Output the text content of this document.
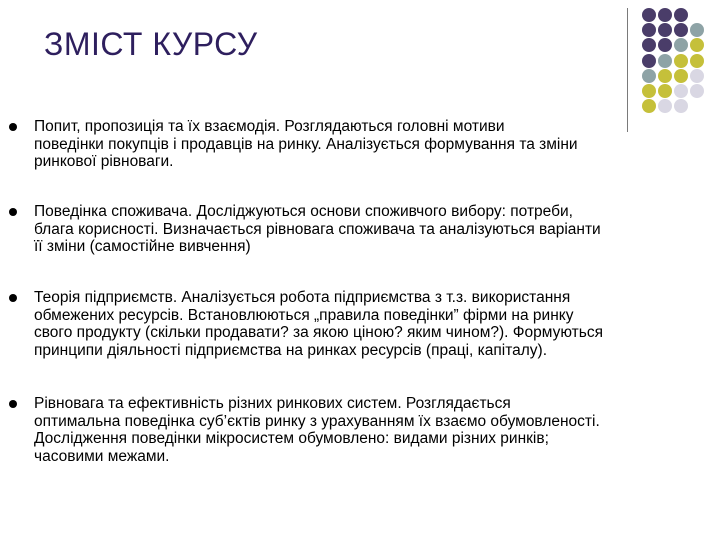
ЗМІСТ КУРСУ
Попит, пропозиція та їх взаємодія. Розглядаються головні мотиви
поведінки покупців і продавців на ринку. Аналізується формування та зміни
ринкової рівноваги.
Поведінка споживача. Досліджуються основи споживчого вибору: потреби,
блага корисності. Визначається рівновага споживача та аналізуються варіанти
її зміни (самостійне вивчення)
Теорія підприємств. Аналізується робота підприємства з т.з. використання
обмежених ресурсів. Встановлюються „правила поведінки” фірми на ринку
свого продукту (скільки продавати? за якою ціною? яким чином?). Формуються
принципи діяльності підприємства на ринках ресурсів (праці, капіталу).
Рівновага та ефективність різних ринкових систем. Розглядається
оптимальна поведінка суб’єктів ринку з урахуванням їх взаємо обумовленості.
Дослідження поведінки мікросистем обумовлено: видами різних ринків;
часовими межами.
